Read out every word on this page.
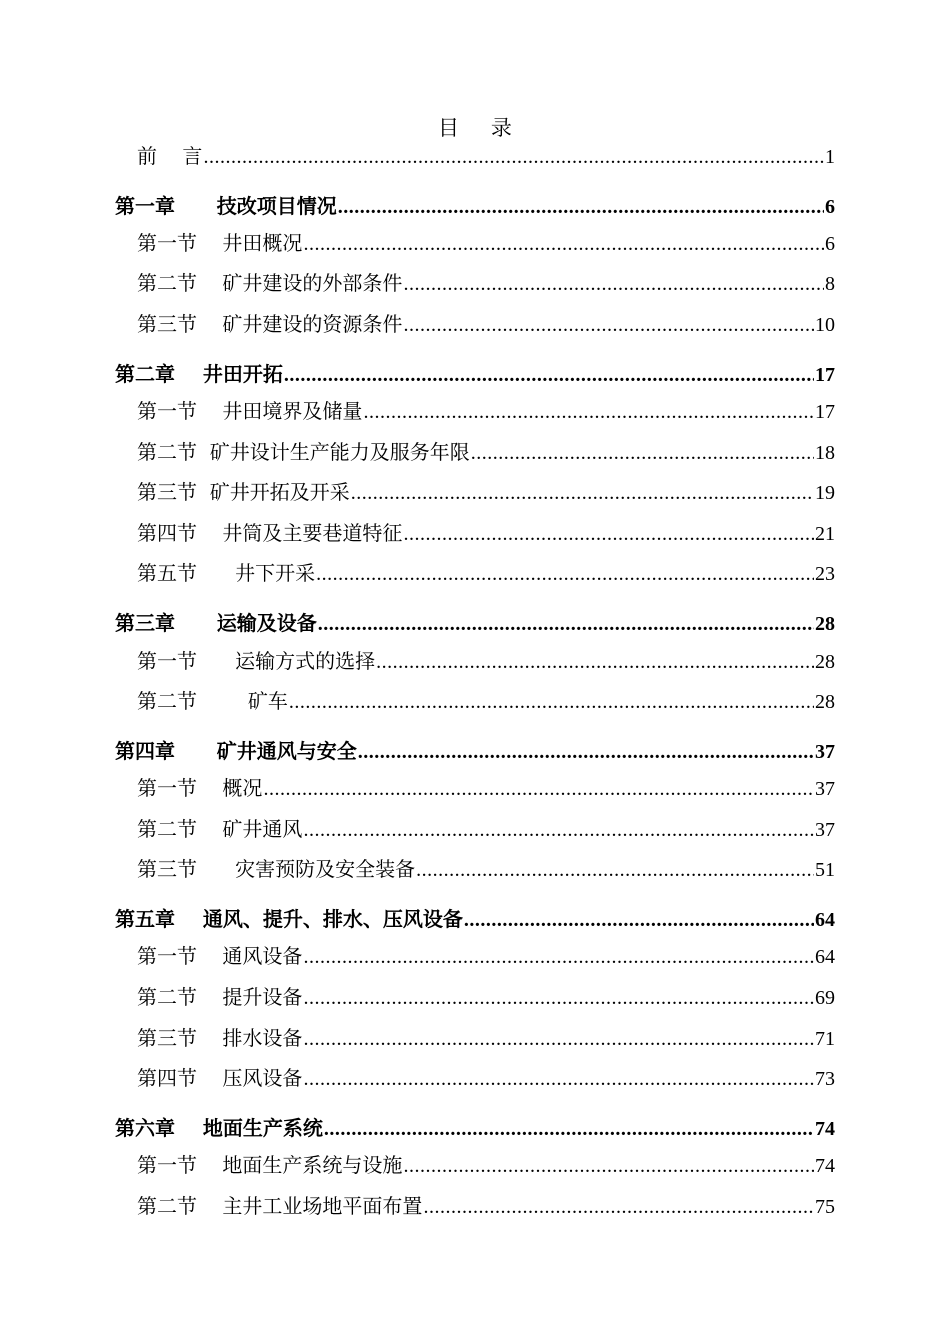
目 录
前    言 .....	1
第一章      技改项目情况 .....	6
第一节    井田概况 .....	6
第二节    矿井建设的外部条件 .....	8
第三节    矿井建设的资源条件 .....	10
第二章    井田开拓 .....	17
第一节    井田境界及储量 .....	17
第二节  矿井设计生产能力及服务年限 .....	18
第三节  矿井开拓及开采 .....	19
第四节    井筒及主要巷道特征 .....	21
第五节      井下开采 .....	23
第三章      运输及设备 .....	28
第一节      运输方式的选择 .....	28
第二节        矿车 .....	28
第四章      矿井通风与安全 .....	37
第一节    概况 .....	37
第二节    矿井通风 .....	37
第三节      灾害预防及安全装备 .....	51
第五章    通风、提升、排水、压风设备 .....	64
第一节    通风设备 .....	64
第二节    提升设备 .....	69
第三节    排水设备 .....	71
第四节    压风设备 .....	73
第六章    地面生产系统 .....	74
第一节    地面生产系统与设施 .....	74
第二节    主井工业场地平面布置 .....	75
